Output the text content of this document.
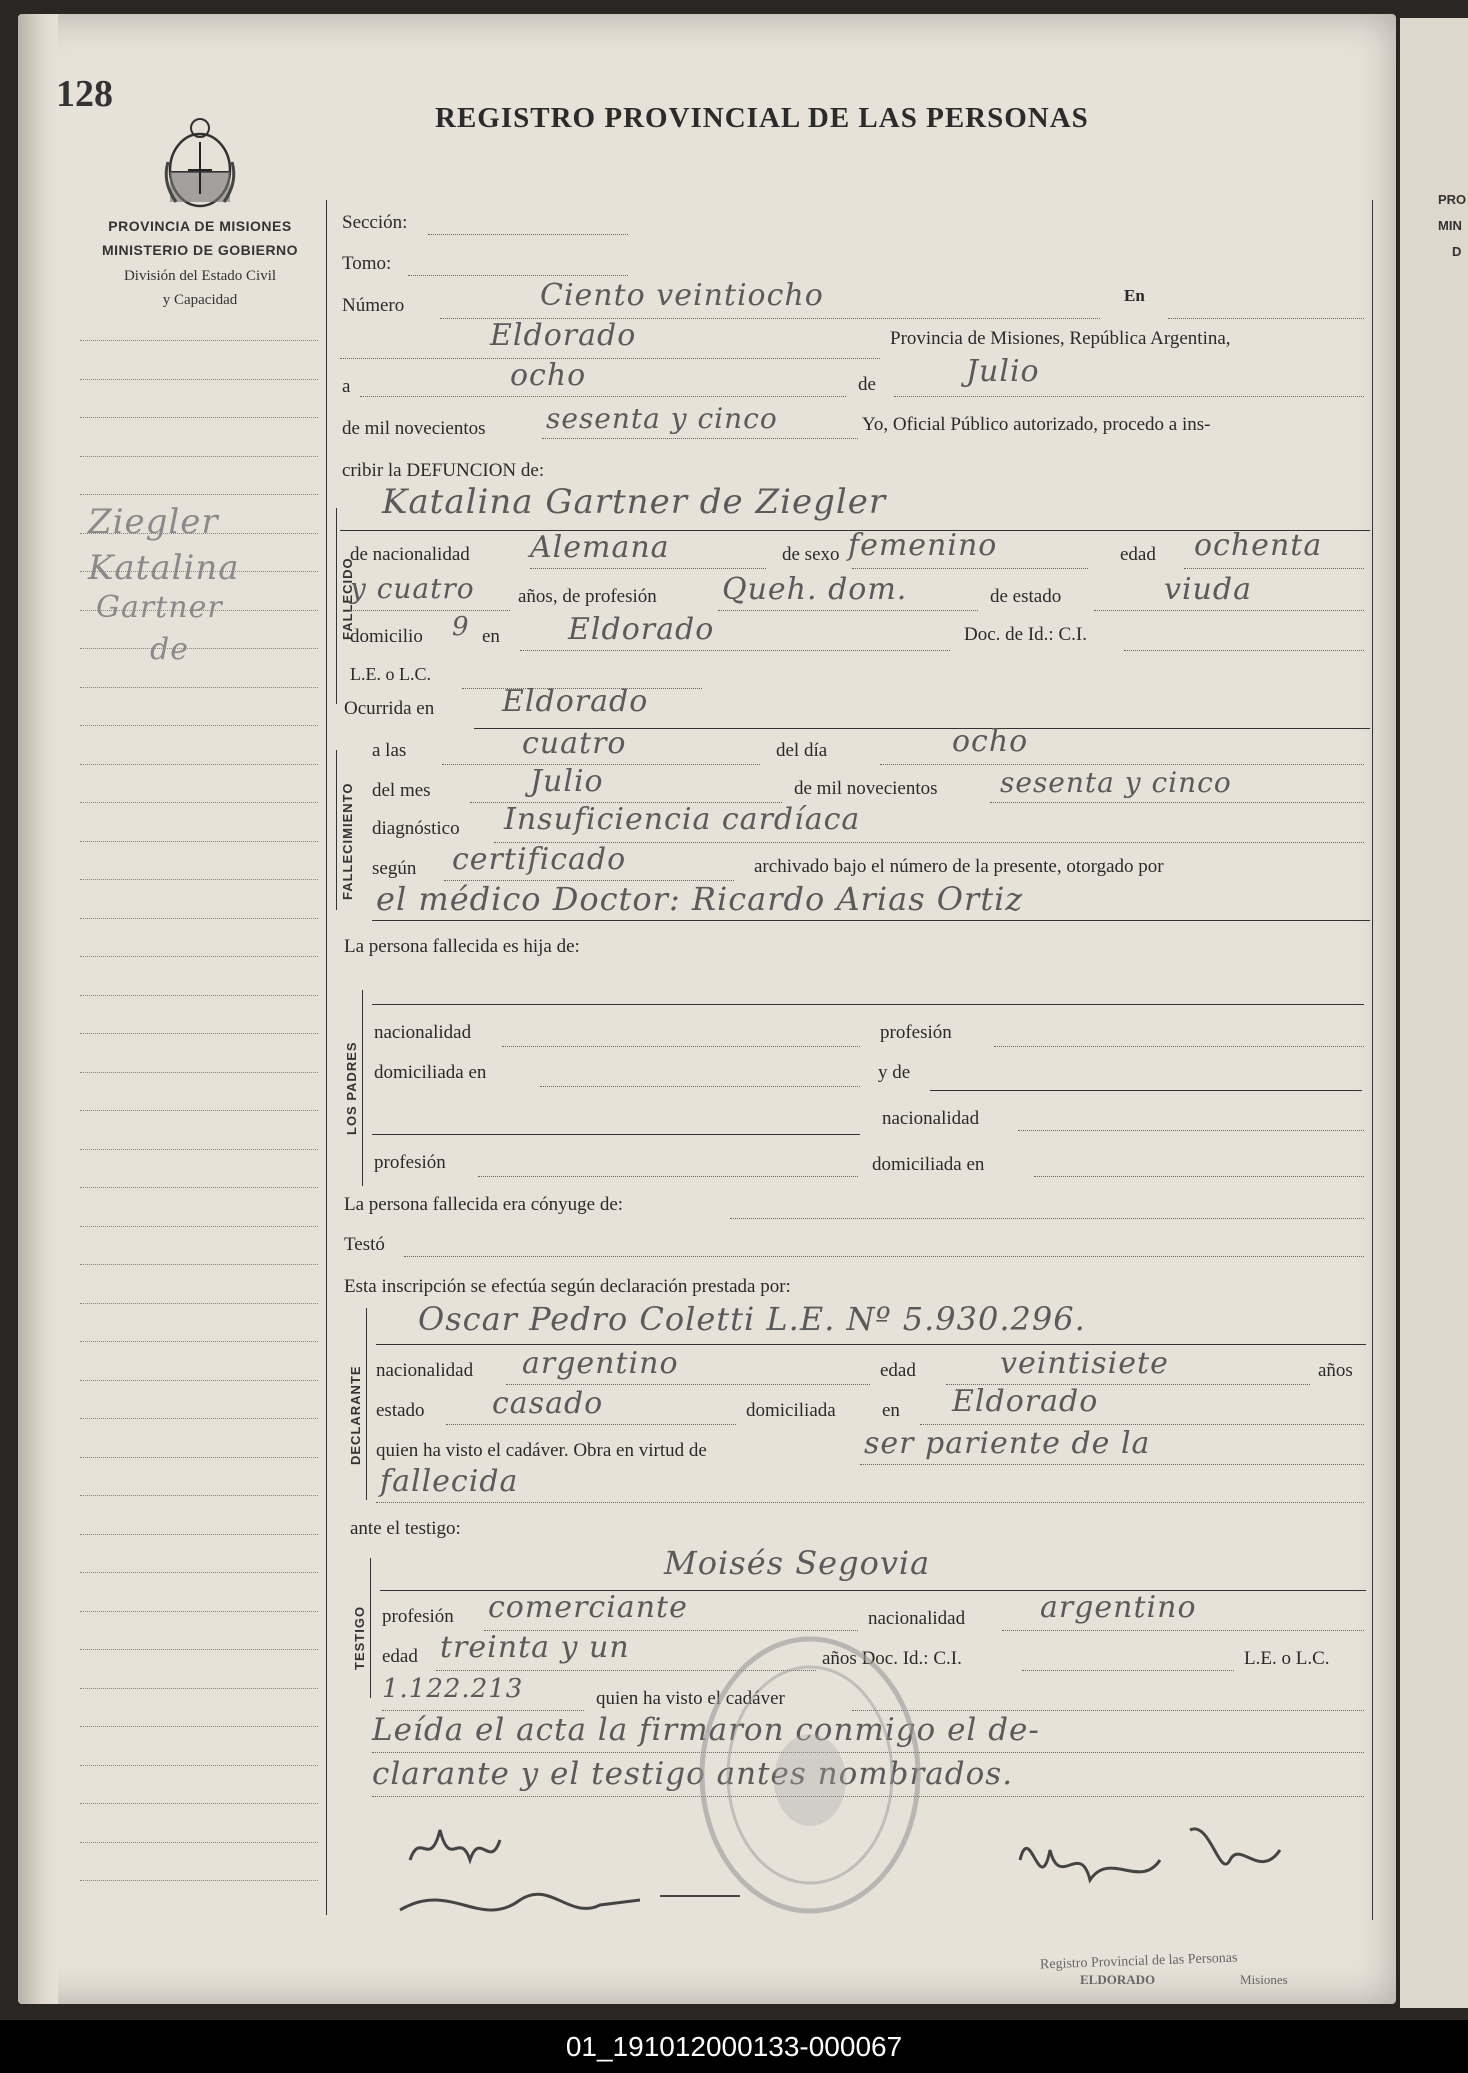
PRO
MIN
D
128
REGISTRO PROVINCIAL DE LAS PERSONAS
PROVINCIA DE MISIONES
MINISTERIO DE GOBIERNO
División del Estado Civil
y Capacidad
Ziegler
Katalina
Gartner
de
FALLECIDO
FALLECIMIENTO
LOS PADRES
DECLARANTE
TESTIGO
Sección:
Tomo:
Número	Ciento veintiocho	En
Eldorado	Provincia de Misiones, República Argentina,
a	ocho	de	Julio
de mil novecientos sesenta y cinco	Yo, Oficial Público autorizado, procedo a ins-
cribir la DEFUNCION de:
Katalina Gartner de Ziegler
de nacionalidad Alemana	de sexo femenino	edad ochenta
y cuatro años, de profesión Queh. dom.	de estado	viuda
domicilio 9 en Eldorado	Doc. de Id.: C.I.
L.E. o L.C.
Ocurrida en Eldorado
a las	cuatro	del día	ocho
del mes	Julio	de mil novecientos sesenta y cinco
diagnóstico Insuficiencia cardíaca
según certificado	archivado bajo el número de la presente, otorgado por
el médico Doctor: Ricardo Arias Ortiz
La persona fallecida es hija de:
nacionalidad	profesión
domiciliada en	y de
nacionalidad
profesión	domiciliada en
La persona fallecida era cónyuge de:
Testó
Esta inscripción se efectúa según declaración prestada por:
Oscar Pedro Coletti L.E. Nº 5.930.296.
nacionalidad argentino	edad	veintisiete	años
estado casado	domiciliada en Eldorado
quien ha visto el cadáver. Obra en virtud de	ser pariente de la
fallecida
ante el testigo:
Moisés Segovia
profesión comerciante	nacionalidad argentino
edad treinta y un	años Doc. Id.: C.I.	L.E. o L.C.
1.122.213	quien ha visto el cadáver
Leída el acta la firmaron conmigo el de-
clarante y el testigo antes nombrados.
Registro Provincial de las Personas
ELDORADO	Misiones
01_191012000133-000067
